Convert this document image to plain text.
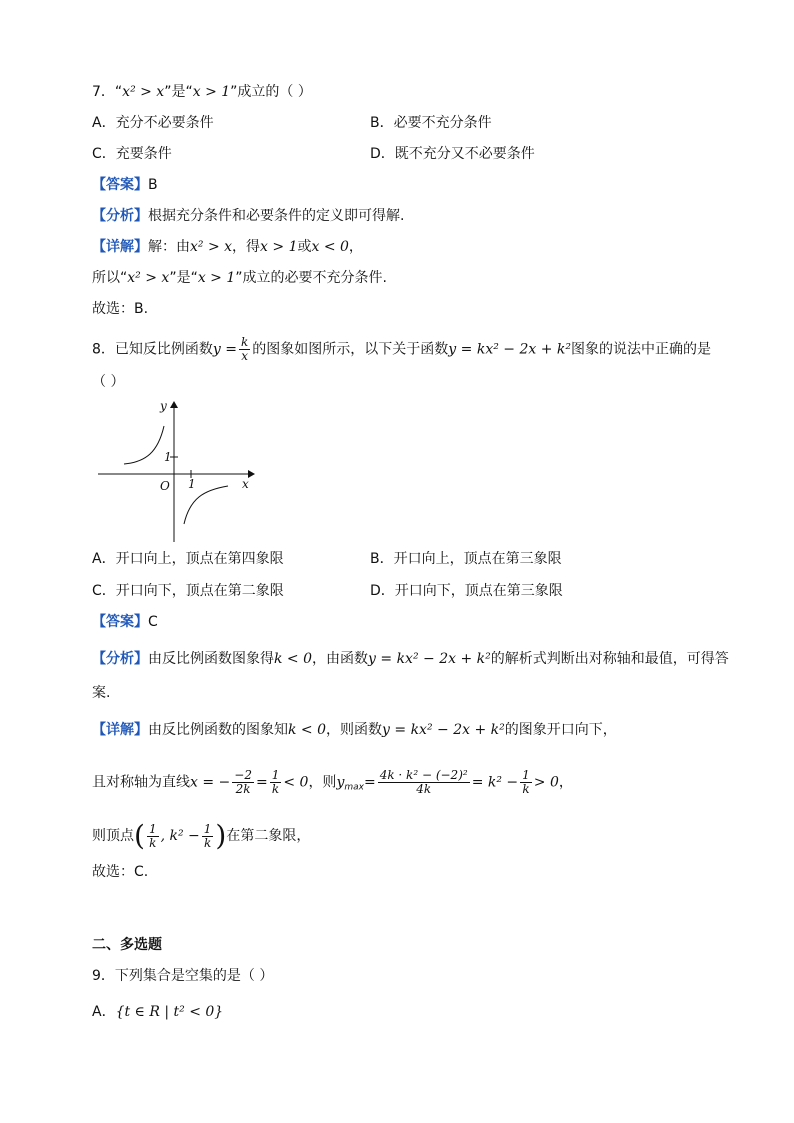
7．“x² > x”是“x > 1”成立的（ ）
A．充分不必要条件	B．必要不充分条件
C．充要条件	D．既不充分又不必要条件
【答案】B
【分析】根据充分条件和必要条件的定义即可得解.
【详解】解：由x² > x，得x > 1或x < 0，
所以“x² > x”是“x > 1”成立的必要不充分条件.
故选：B.
8．已知反比例函数$y = \frac{k}{x}$ 的图象如图所示，以下关于函数y = kx² − 2x + k²图象的说法中正确的是
（ ）
y
x
O
1
1
A．开口向上，顶点在第四象限	B．开口向上，顶点在第三象限
C．开口向下，顶点在第二象限	D．开口向下，顶点在第三象限
【答案】C
【分析】由反比例函数图象得k < 0，由函数y = kx² − 2x + k²的解析式判断出对称轴和最值，可得答
案.
【详解】由反比例函数的图象知k < 0，则函数y = kx² − 2x + k²的图象开口向下，
且对称轴为直线x = − $\frac{-2}{2k} = \frac{1}{k} < 0$，则$y_{max}= \frac{\text{4k · k² − (−2)²}}{4k} = k^2 - \frac{1}{k} > 0$，
则顶点( $\frac{1}{k}$ , $k^2 - \frac{1}{k}$ )在第二象限，
故选：C.
二、多选题
9．下列集合是空集的是（ ）
A．{t ∈ R | t² < 0}
